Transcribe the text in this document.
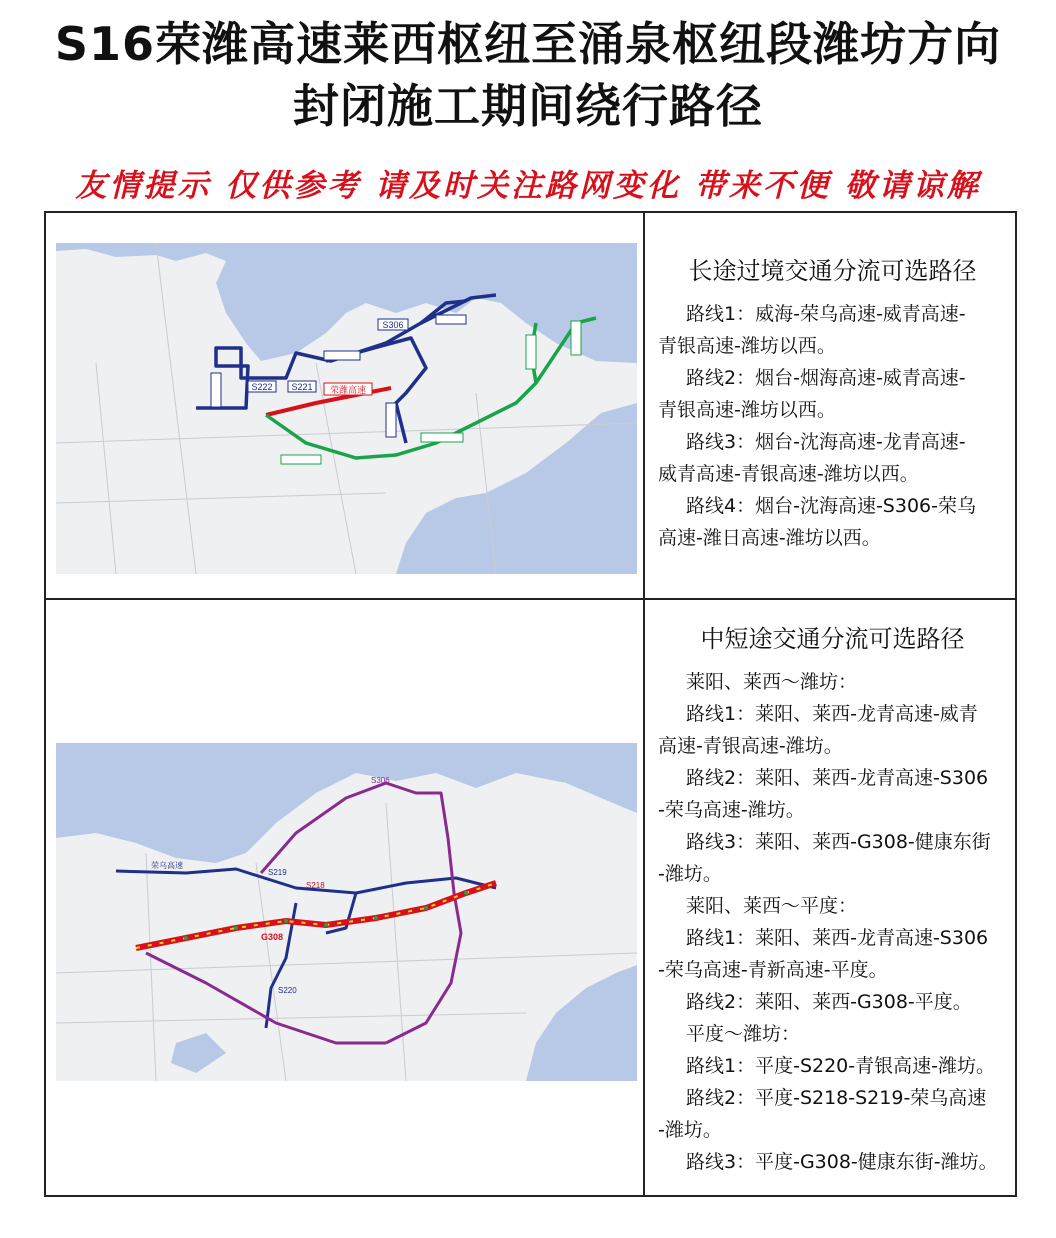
S16荣潍高速莱西枢纽至涌泉枢纽段潍坊方向
封闭施工期间绕行路径
友情提示 仅供参考 请及时关注路网变化 带来不便 敬请谅解
S306
S222 S221 荣潍高速
长途过境交通分流可选路径
路线1：威海-荣乌高速-威青高速-
青银高速-潍坊以西。
路线2：烟台-烟海高速-威青高速-
青银高速-潍坊以西。
路线3：烟台-沈海高速-龙青高速-
威青高速-青银高速-潍坊以西。
路线4：烟台-沈海高速-S306-荣乌
高速-潍日高速-潍坊以西。
S306
S219
S218
S220
G308
荣乌高速
中短途交通分流可选路径
莱阳、莱西～潍坊：
路线1：莱阳、莱西-龙青高速-威青
高速-青银高速-潍坊。
路线2：莱阳、莱西-龙青高速-S306
-荣乌高速-潍坊。
路线3：莱阳、莱西-G308-健康东街
-潍坊。
莱阳、莱西～平度：
路线1：莱阳、莱西-龙青高速-S306
-荣乌高速-青新高速-平度。
路线2：莱阳、莱西-G308-平度。
平度～潍坊：
路线1：平度-S220-青银高速-潍坊。
路线2：平度-S218-S219-荣乌高速
-潍坊。
路线3：平度-G308-健康东街-潍坊。
